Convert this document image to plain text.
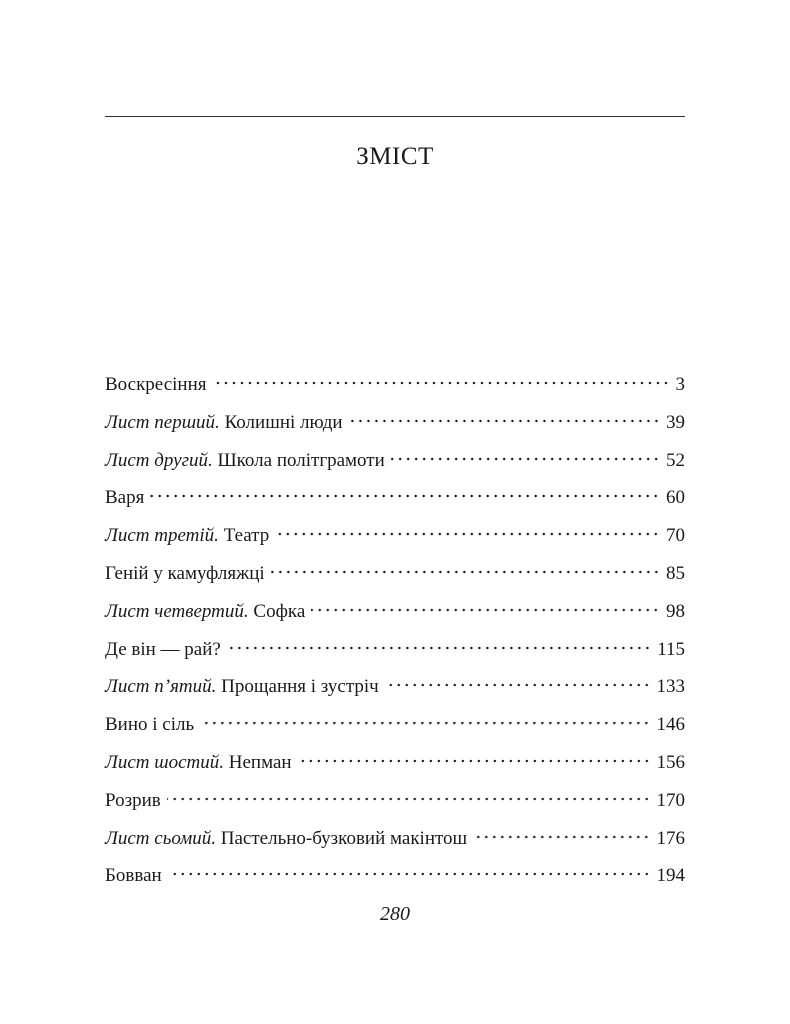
ЗМІСТ
Воскресіння	3
Лист перший. Колишні люди	39
Лист другий. Школа політграмоти	52
Варя	60
Лист третій. Театр	70
Геній у камуфляжці	85
Лист четвертий. Софка	98
Де він — рай?	115
Лист п’ятий. Прощання і зустріч	133
Вино і сіль	146
Лист шостий. Непман	156
Розрив	170
Лист сьомий. Пастельно-бузковий макінтош	176
Бовван	194
280
